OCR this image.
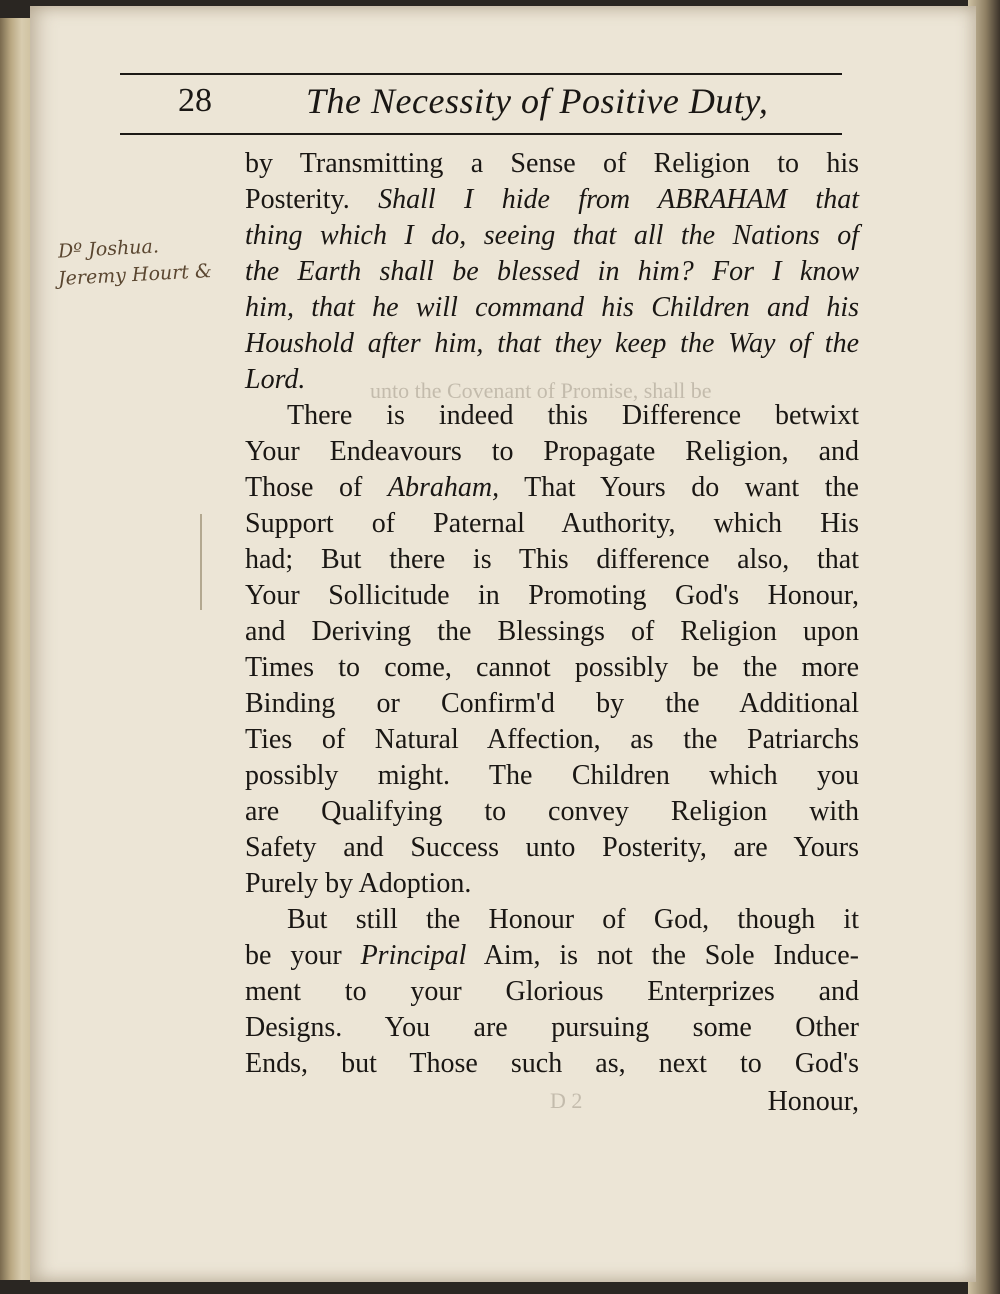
unto the Covenant of Promise, shall be
D 2
28	The Necessity of Positive Duty,
Dº Joshua.
Jeremy Hourt &
by Transmitting a Sense of Religion to his
Posterity. Shall I hide from ABRAHAM that
thing which I do, seeing that all the Nations of
the Earth shall be blessed in him? For I know
him, that he will command his Children and his
Houshold after him, that they keep the Way of the
Lord.
There is indeed this Difference betwixt
Your Endeavours to Propagate Religion, and
Those of Abraham, That Yours do want the
Support of Paternal Authority, which His
had; But there is This difference also, that
Your Sollicitude in Promoting God's Honour,
and Deriving the Blessings of Religion upon
Times to come, cannot possibly be the more
Binding or Confirm'd by the Additional
Ties of Natural Affection, as the Patriarchs
possibly might. The Children which you
are Qualifying to convey Religion with
Safety and Success unto Posterity, are Yours
Purely by Adoption.
But still the Honour of God, though it
be your Principal Aim, is not the Sole Induce-
ment to your Glorious Enterprizes and
Designs. You are pursuing some Other
Ends, but Those such as, next to God's
Honour,
